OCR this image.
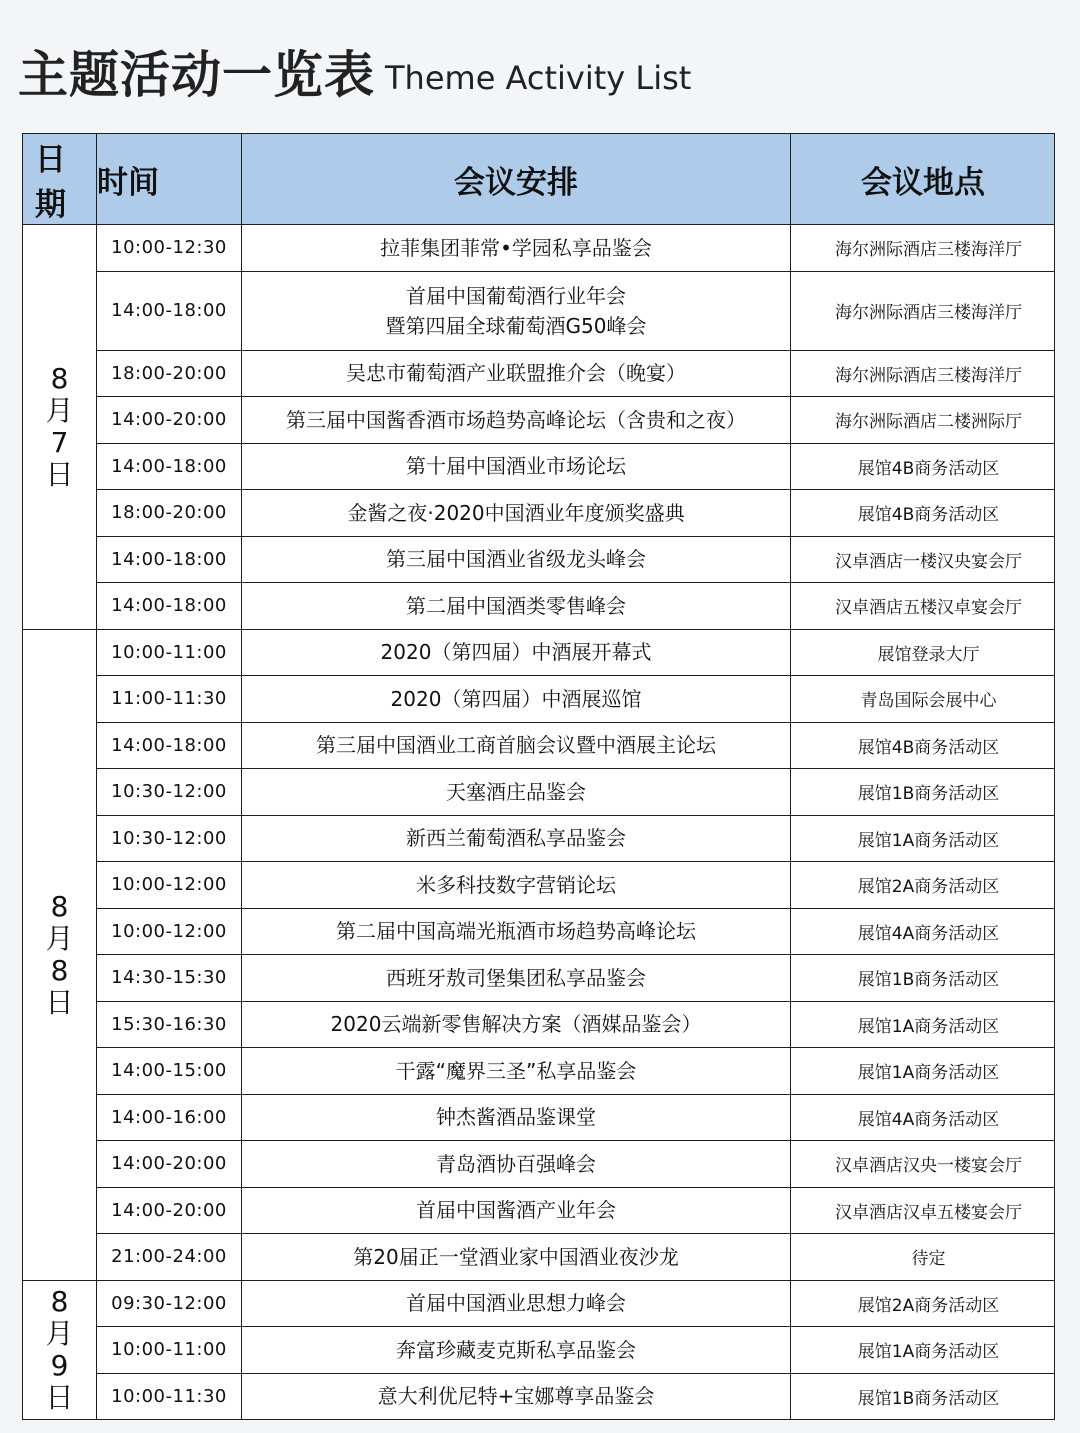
主题活动一览表 Theme Activity List
日期	时间	会议安排	会议地点

8
月
7
日	10:00-12:30	拉菲集团菲常•学园私享品鉴会	海尔洲际酒店三楼海洋厅
	14:00-18:00	首届中国葡萄酒行业年会
暨第四届全球葡萄酒G50峰会	海尔洲际酒店三楼海洋厅
	18:00-20:00	吴忠市葡萄酒产业联盟推介会（晚宴）	海尔洲际酒店三楼海洋厅
	14:00-20:00	第三届中国酱香酒市场趋势高峰论坛（含贵和之夜）	海尔洲际酒店二楼洲际厅
	14:00-18:00	第十届中国酒业市场论坛	展馆4B商务活动区
	18:00-20:00	金酱之夜·2020中国酒业年度颁奖盛典	展馆4B商务活动区
	14:00-18:00	第三届中国酒业省级龙头峰会	汉卓酒店一楼汉央宴会厅
	14:00-18:00	第二届中国酒类零售峰会	汉卓酒店五楼汉卓宴会厅

8
月
8
日	10:00-11:00	2020（第四届）中酒展开幕式	展馆登录大厅
	11:00-11:30	2020（第四届）中酒展巡馆	青岛国际会展中心
	14:00-18:00	第三届中国酒业工商首脑会议暨中酒展主论坛	展馆4B商务活动区
	10:30-12:00	天塞酒庄品鉴会	展馆1B商务活动区
	10:30-12:00	新西兰葡萄酒私享品鉴会	展馆1A商务活动区
	10:00-12:00	米多科技数字营销论坛	展馆2A商务活动区
	10:00-12:00	第二届中国高端光瓶酒市场趋势高峰论坛	展馆4A商务活动区
	14:30-15:30	西班牙敖司堡集团私享品鉴会	展馆1B商务活动区
	15:30-16:30	2020云端新零售解决方案（酒媒品鉴会）	展馆1A商务活动区
	14:00-15:00	干露“魔界三圣”私享品鉴会	展馆1A商务活动区
	14:00-16:00	钟杰酱酒品鉴课堂	展馆4A商务活动区
	14:00-20:00	青岛酒协百强峰会	汉卓酒店汉央一楼宴会厅
	14:00-20:00	首届中国酱酒产业年会	汉卓酒店汉卓五楼宴会厅
	21:00-24:00	第20届正一堂酒业家中国酒业夜沙龙	待定

8
月
9
日	09:30-12:00	首届中国酒业思想力峰会	展馆2A商务活动区
	10:00-11:00	奔富珍藏麦克斯私享品鉴会	展馆1A商务活动区
	10:00-11:30	意大利优尼特+宝娜尊享品鉴会	展馆1B商务活动区
